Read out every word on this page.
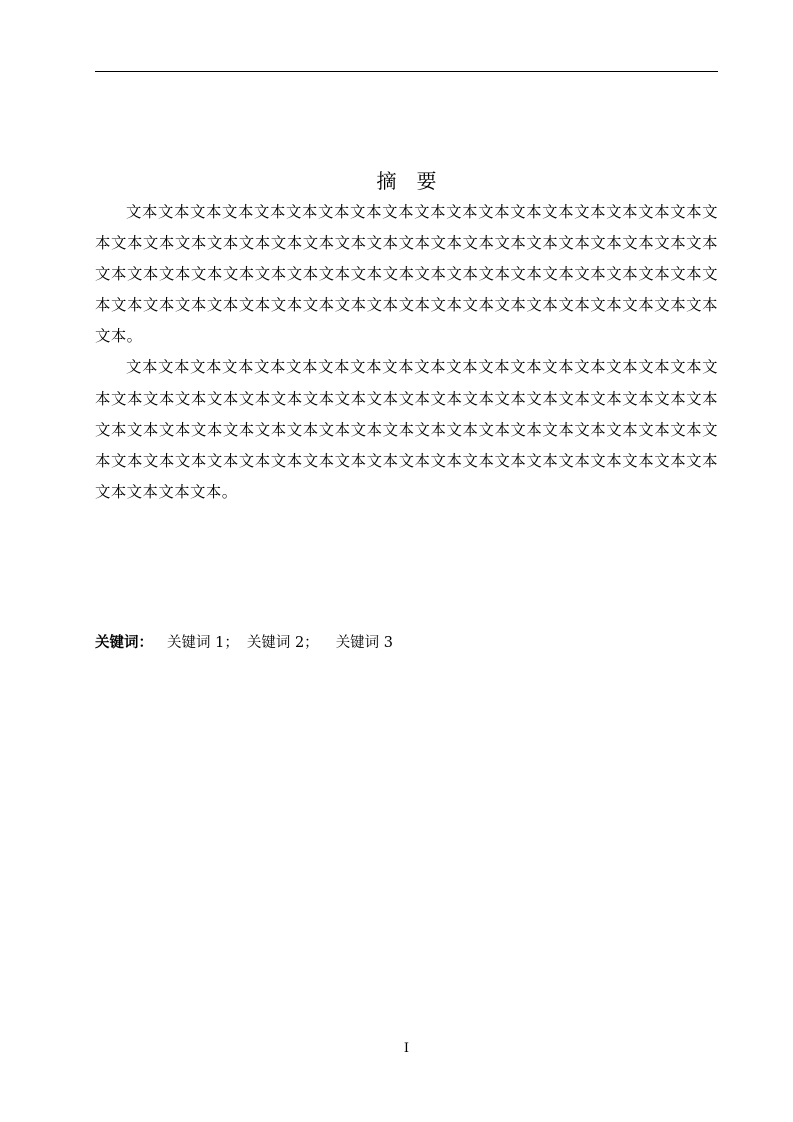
摘　要

文本文本文本文本文本文本文本文本文本文本文本文本文本文本文本文本文本文本文本文本文本文本文本文本文本文本文本文本文本文本文本文本文本文本文本文本文本文本文本文本文本文本文本文本文本文本文本文本文本文本文本文本文本文本文本文本文本文本文本文本文本文本文本文本文本文本文本文本文本文本文本文本文本文本文本文本文本文本。

文本文本文本文本文本文本文本文本文本文本文本文本文本文本文本文本文本文本文本文本文本文本文本文本文本文本文本文本文本文本文本文本文本文本文本文本文本文本文本文本文本文本文本文本文本文本文本文本文本文本文本文本文本文本文本文本文本文本文本文本文本文本文本文本文本文本文本文本文本文本文本文本文本文本文本文本文本文本文本文本文本。

关键词： 关键词 1； 关键词 2； 关键词 3
I
